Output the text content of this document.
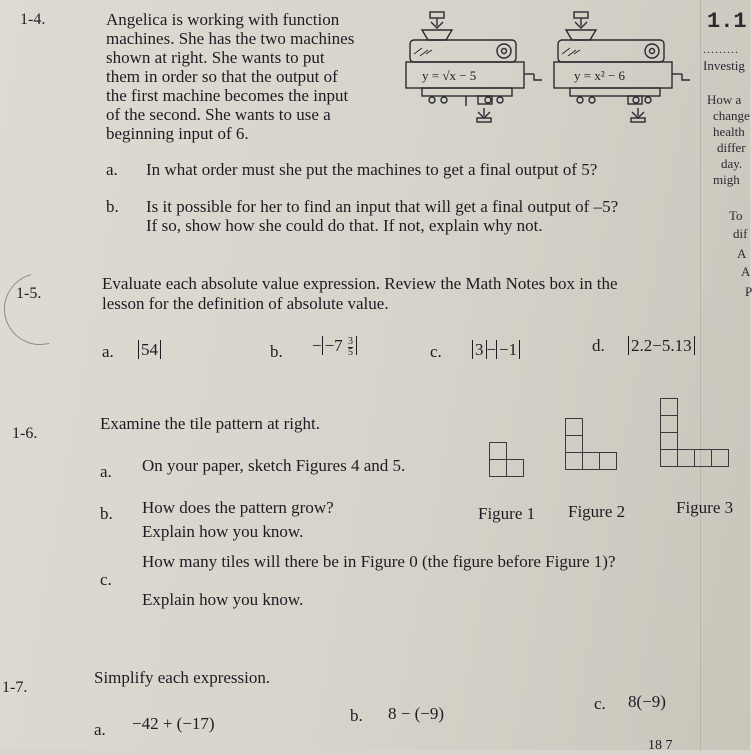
1.1
.........
Investig
How a
change
health
differ
day.
migh
To
dif
A
A
P
1-4.	Angelica is working with function
machines. She has the two machines
shown at right. She wants to put
them in order so that the output of
the first machine becomes the input
of the second. She wants to use a
beginning input of 6.
y = √x − 5	y = x² − 6
a. In what order must she put the machines to get a final output of 5?
b. Is it possible for her to find an input that will get a final output of –5?
If so, show how she could do that. If not, explain why not.
1-5.
Evaluate each absolute value expression. Review the Math Notes box in the
lesson for the definition of absolute value.
a. 54	b. − $-7 \frac{3}{5}$	c. 3 − −1	d. 2.2−5.13
1-6.
Examine the tile pattern at right.
a. On your paper, sketch Figures 4 and 5.
b. How does the pattern grow?
Explain how you know.
c.
How many tiles will there be in Figure 0 (the figure before Figure 1)?
Explain how you know.
Figure 1 Figure 2	Figure 3
1-7.
Simplify each expression.
a. −42 + (−17)	b. 8 − (−9)
c. 8(−9)
18 7
